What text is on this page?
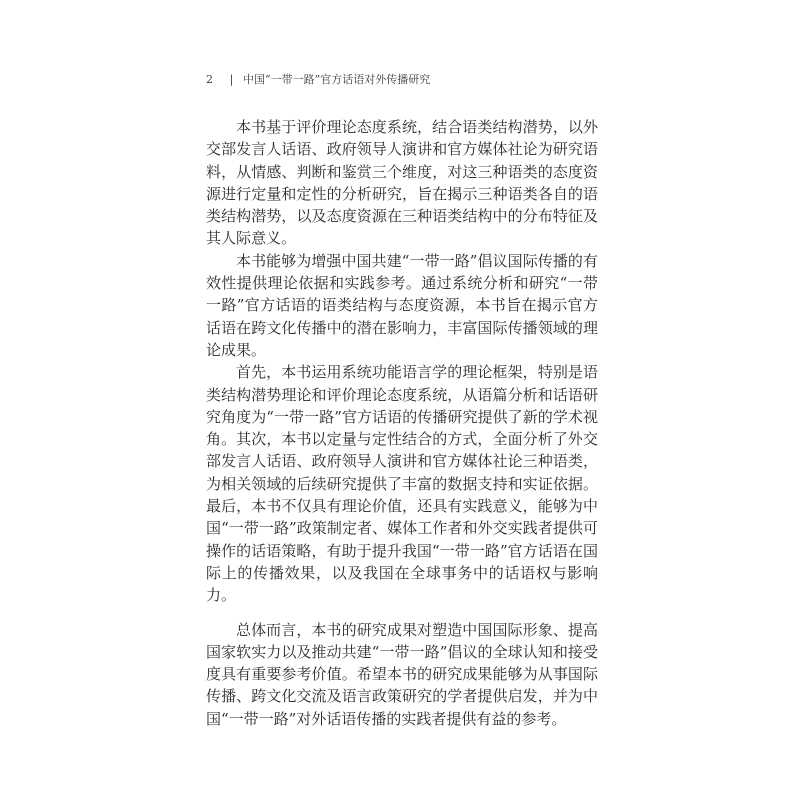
2 | 中国“一带一路”官方话语对外传播研究

本书基于评价理论态度系统，结合语类结构潜势，以外交部发言人话语、政府领导人演讲和官方媒体社论为研究语料，从情感、判断和鉴赏三个维度，对这三种语类的态度资源进行定量和定性的分析研究，旨在揭示三种语类各自的语类结构潜势，以及态度资源在三种语类结构中的分布特征及其人际意义。

本书能够为增强中国共建“一带一路”倡议国际传播的有效性提供理论依据和实践参考。通过系统分析和研究“一带一路”官方话语的语类结构与态度资源，本书旨在揭示官方话语在跨文化传播中的潜在影响力，丰富国际传播领域的理论成果。

首先，本书运用系统功能语言学的理论框架，特别是语类结构潜势理论和评价理论态度系统，从语篇分析和话语研究角度为“一带一路”官方话语的传播研究提供了新的学术视角。其次，本书以定量与定性结合的方式，全面分析了外交部发言人话语、政府领导人演讲和官方媒体社论三种语类，为相关领域的后续研究提供了丰富的数据支持和实证依据。最后，本书不仅具有理论价值，还具有实践意义，能够为中国“一带一路”政策制定者、媒体工作者和外交实践者提供可操作的话语策略，有助于提升我国“一带一路”官方话语在国际上的传播效果，以及我国在全球事务中的话语权与影响力。

总体而言，本书的研究成果对塑造中国国际形象、提高国家软实力以及推动共建“一带一路”倡议的全球认知和接受度具有重要参考价值。希望本书的研究成果能够为从事国际传播、跨文化交流及语言政策研究的学者提供启发，并为中国“一带一路”对外话语传播的实践者提供有益的参考。
